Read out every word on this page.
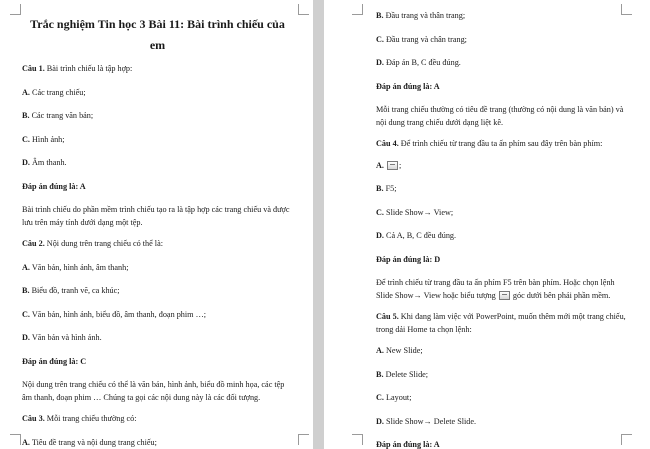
Trắc nghiệm Tin học 3 Bài 11: Bài trình chiếu của em

Câu 1. Bài trình chiếu là tập hợp:

A. Các trang chiếu;

B. Các trang văn bản;

C. Hình ảnh;

D. Âm thanh.

Đáp án đúng là: A

Bài trình chiếu do phần mềm trình chiếu tạo ra là tập hợp các trang chiếu và được lưu trên máy tính dưới dạng một tệp.

Câu 2. Nội dung trên trang chiếu có thể là:

A. Văn bản, hình ảnh, âm thanh;

B. Biểu đồ, tranh vẽ, ca khúc;

C. Văn bản, hình ảnh, biểu đồ, âm thanh, đoạn phim …;

D. Văn bản và hình ảnh.

Đáp án đúng là: C

Nội dung trên trang chiếu có thể là văn bản, hình ảnh, biểu đồ minh họa, các tệp âm thanh, đoạn phim … Chúng ta gọi các nội dung này là các đối tượng.

Câu 3. Mỗi trang chiếu thường có:

A. Tiêu đề trang và nội dung trang chiếu;

B. Đầu trang và thân trang;

C. Đầu trang và chân trang;

D. Đáp án B, C đều đúng.

Đáp án đúng là: A

Mỗi trang chiếu thường có tiêu đề trang (thường có nội dung là văn bản) và nội dung trang chiếu dưới dạng liệt kê.

Câu 4. Để trình chiếu từ trang đầu ta ấn phím sau đây trên bàn phím:

A. ;

B. F5;

C. Slide Show→ View;

D. Cả A, B, C đều đúng.

Đáp án đúng là: D

Để trình chiếu từ trang đầu ta ấn phím F5 trên bàn phím. Hoặc chọn lệnh Slide Show→ View hoặc biểu tượng  góc dưới bên phải phần mềm.

Câu 5. Khi đang làm việc với PowerPoint, muốn thêm mới một trang chiếu, trong dải Home ta chọn lệnh:

A. New Slide;

B. Delete Slide;

C. Layout;

D. Slide Show→ Delete Slide.

Đáp án đúng là: A
